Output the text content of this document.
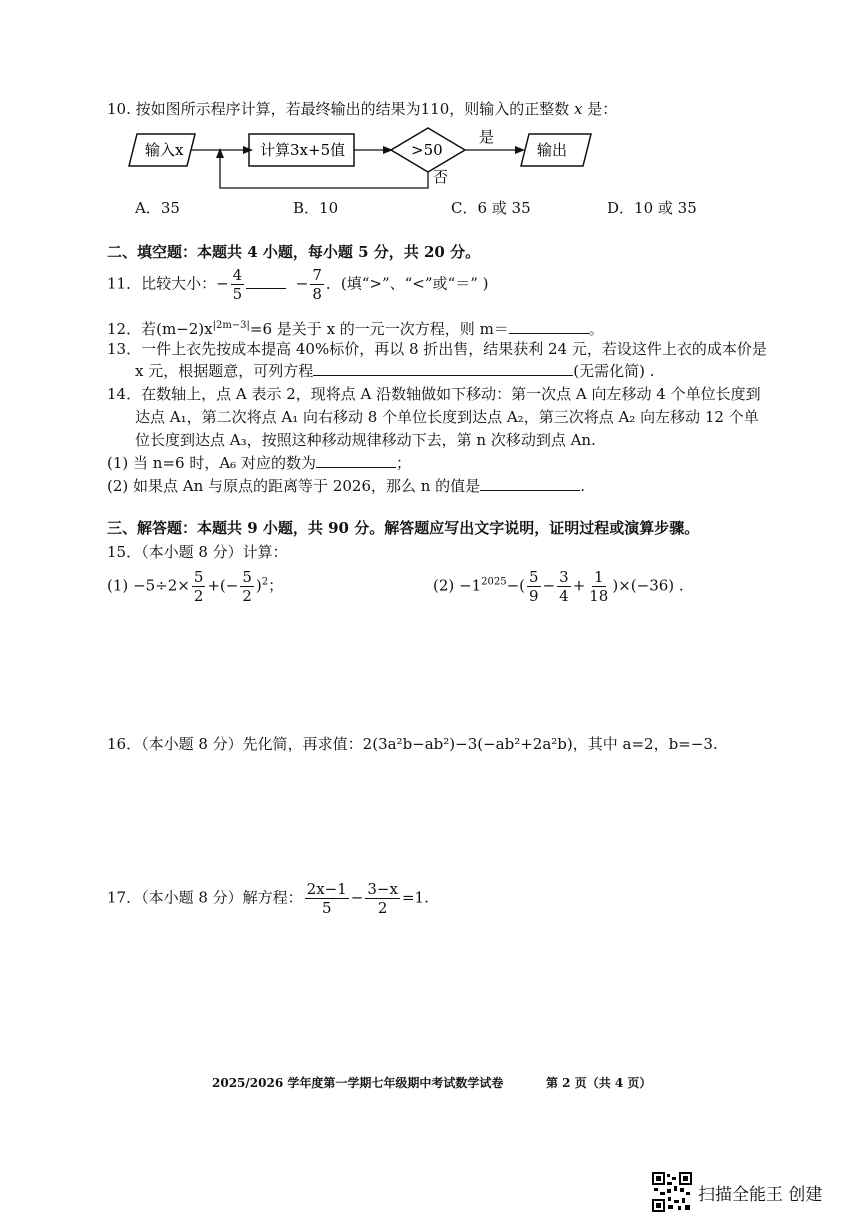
10. 按如图所示程序计算，若最终输出的结果为110，则输入的正整数 x 是：
输入x	计算3x+5值	>50
是
输出
否
A．35	B．10	C．6 或 35	D．10 或 35
二、填空题：本题共 4 小题，每小题 5 分，共 20 分。
11．比较大小：− $\frac{4}{5}$	− $\frac{7}{8}$ ．(填“>”、“<”或“＝” )
12．若$(m-2)x^{|2m-3|}=6$ 是关于 x 的一元一次方程，则 m＝	。
13．一件上衣先按成本提高 40%标价，再以 8 折出售，结果获利 24 元，若设这件上衣的成本价是
x 元，根据题意，可列方程	(无需化简) .
14．在数轴上，点 A 表示 2，现将点 A 沿数轴做如下移动：第一次点 A 向左移动 4 个单位长度到
达点 A₁，第二次将点 A₁ 向右移动 8 个单位长度到达点 A₂，第三次将点 A₂ 向左移动 12 个单
位长度到达点 A₃，按照这种移动规律移动下去，第 n 次移动到点 An.
(1) 当 n=6 时，A₆ 对应的数为	；
(2) 如果点 An 与原点的距离等于 2026，那么 n 的值是	.
三、解答题：本题共 9 小题，共 90 分。解答题应写出文字说明，证明过程或演算步骤。
15．（本小题 8 分）计算：
$(1) -5\div 2\times \frac{5}{2}$ +(− $\frac{5}{2} )^2$；	$(2) -1^{2025}-( \frac{5}{9} - \frac{3}{4} + \frac{1}{18} )\times(-36)$ .
16．（本小题 8 分）先化简，再求值：2(3a²b−ab²)−3(−ab²+2a²b)，其中 a=2，b=−3.
17．（本小题 8 分）解方程： $\frac{2x-1}{5} - \frac{3-x}{2} =1$.
2025/2026 学年度第一学期七年级期中考试数学试卷	第 2 页（共 4 页）
扫描全能王 创建
